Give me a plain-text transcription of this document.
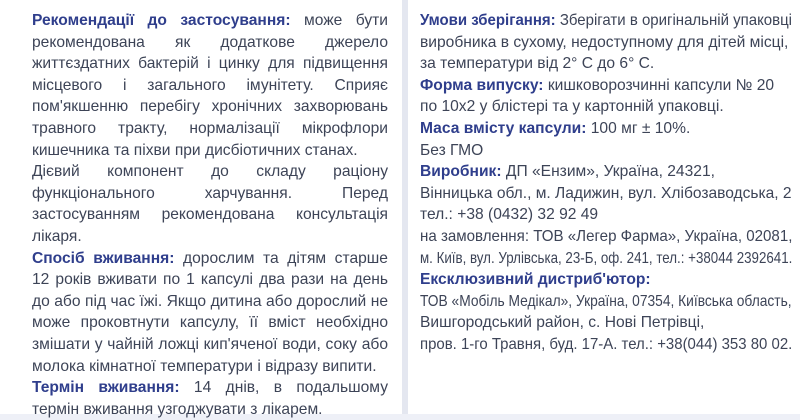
Рекомендації до застосування: може бути рекомендована як додаткове джерело життєздатних бактерій і цинку для підвищення місцевого і загального імунітету. Сприяє пом'якшенню перебігу хронічних захворювань травного тракту, нормалізації мікрофлори кишечника та піхви при дисбіотичних станах.

Дієвий компонент до складу раціону функціонального харчування. Перед застосуванням рекомендована консультація лікаря.

Спосіб вживання: дорослим та дітям старше 12 років вживати по 1 капсулі два рази на день до або під час їжі. Якщо дитина або дорослий не може проковтнути капсулу, її вміст необхідно змішати у чайній ложці кип'яченої води, соку або молока кімнатної температури і відразу випити.

Термін вживання: 14 днів, в подальшому термін вживання узгоджувати з лікарем.

Умови зберігання: Зберігати в оригінальній упаковці
виробника в сухому, недоступному для дітей місці,
за температури від 2° С до 6° С.
Форма випуску: кишковорозчинні капсули № 20
по 10х2 у блістері та у картонній упаковці.
Маса вмісту капсули: 100 мг ± 10%.
Без ГМО
Виробник: ДП «Ензим», Україна, 24321,
Вінницька обл., м. Ладижин, вул. Хлібозаводська, 2
тел.: +38 (0432) 32 92 49
на замовлення: ТОВ «Легер Фарма», Україна, 02081,
м. Київ, вул. Урлівська, 23-Б, оф. 241, тел.: +38044 2392641.
Ексклюзивний дистриб'ютор:
ТОВ «Мобіль Медікал», Україна, 07354, Київська область,
Вишгородський район, с. Нові Петрівці,
пров. 1-го Травня, буд. 17-А. тел.: +38(044) 353 80 02.
